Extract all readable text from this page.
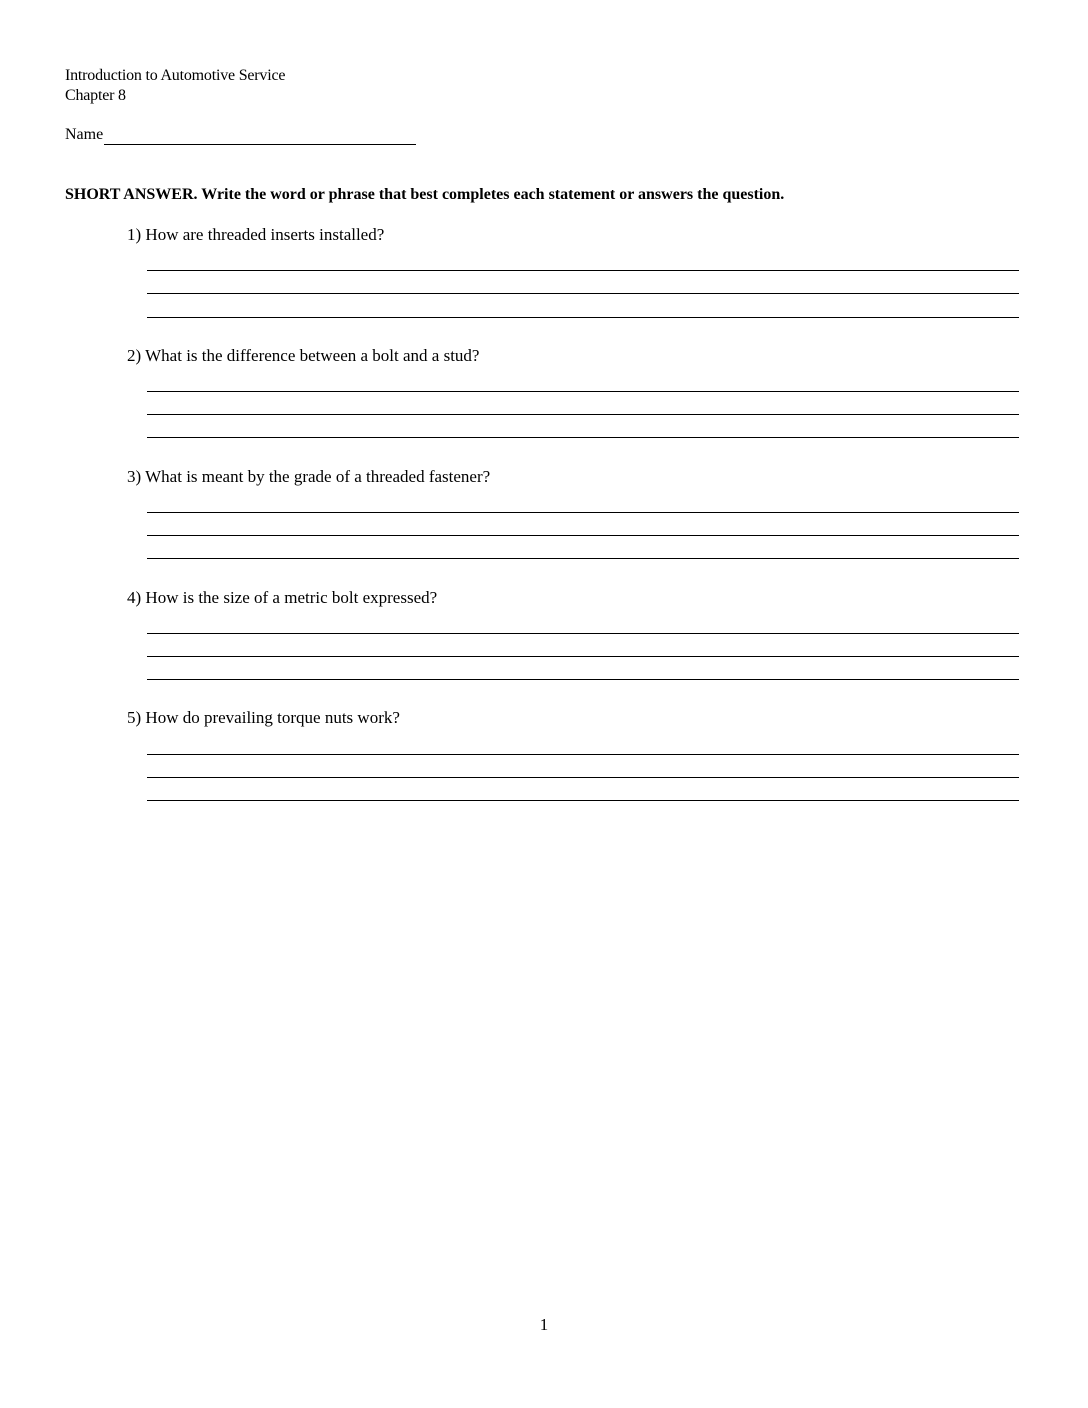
Introduction to Automotive Service
Chapter 8
Name
SHORT ANSWER. Write the word or phrase that best completes each statement or answers the question.
1) How are threaded inserts installed?
2) What is the difference between a bolt and a stud?
3) What is meant by the grade of a threaded fastener?
4) How is the size of a metric bolt expressed?
5) How do prevailing torque nuts work?
1
